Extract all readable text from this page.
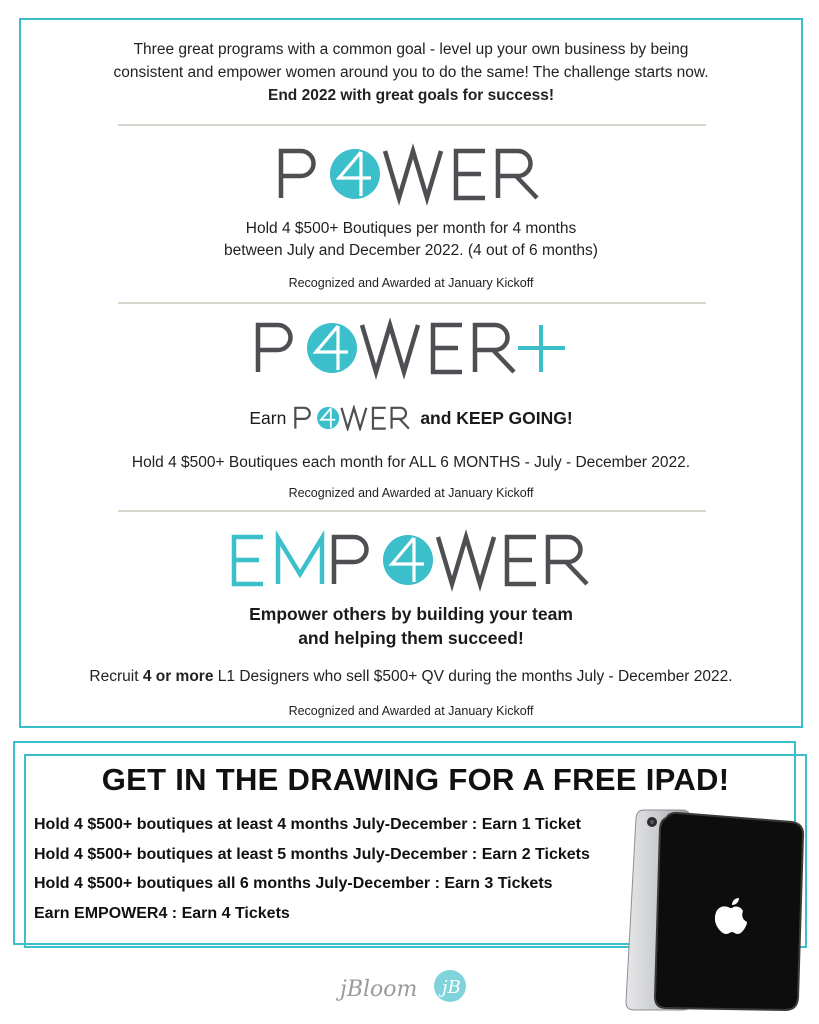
Three great programs with a common goal - level up your own business by being
consistent and empower women around you to do the same! The challenge starts now.
End 2022 with great goals for success!
Hold 4 $500+ Boutiques per month for 4 months
between July and December 2022. (4 out of 6 months)
Recognized and Awarded at January Kickoff
Earn	and KEEP GOING!
Hold 4 $500+ Boutiques each month for ALL 6 MONTHS - July - December 2022.
Recognized and Awarded at January Kickoff
Empower others by building your team
and helping them succeed!
Recruit 4 or more L1 Designers who sell $500+ QV during the months July - December 2022.
Recognized and Awarded at January Kickoff
GET IN THE DRAWING FOR A FREE IPAD!
Hold 4 $500+ boutiques at least 4 months July-December : Earn 1 Ticket
Hold 4 $500+ boutiques at least 5 months July-December : Earn 2 Tickets
Hold 4 $500+ boutiques all 6 months July-December : Earn 3 Tickets
Earn EMPOWER4 : Earn 4 Tickets
jBloom jB
